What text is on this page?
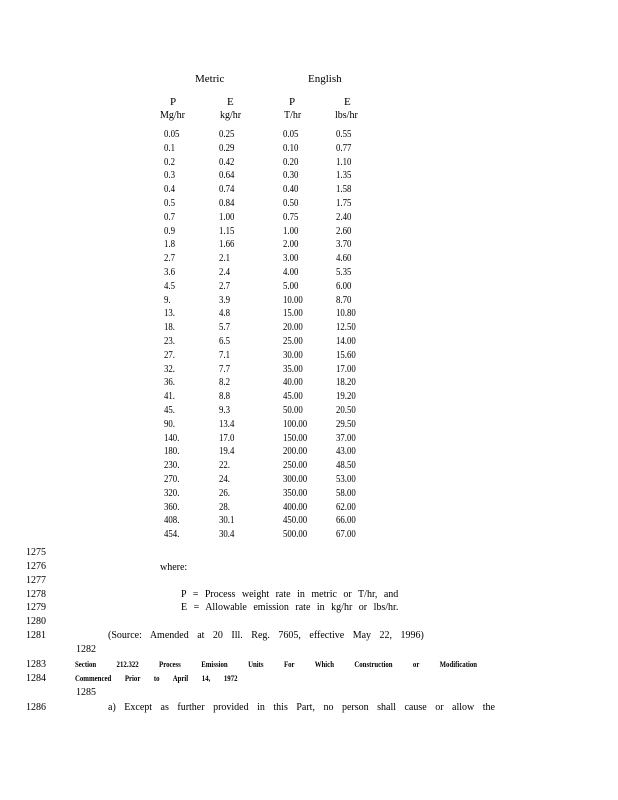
Metric	English
P	E	P	E
Mg/hr	kg/hr	T/hr	lbs/hr
0.05	0.25	0.05	0.55
0.1	0.29	0.10	0.77
0.2	0.42	0.20	1.10
0.3	0.64	0.30	1.35
0.4	0.74	0.40	1.58
0.5	0.84	0.50	1.75
0.7	1.00	0.75	2.40
0.9	1.15	1.00	2.60
1.8	1.66	2.00	3.70
2.7	2.1	3.00	4.60
3.6	2.4	4.00	5.35
4.5	2.7	5.00	6.00
9.	3.9	10.00	8.70
13.	4.8	15.00	10.80
18.	5.7	20.00	12.50
23.	6.5	25.00	14.00
27.	7.1	30.00	15.60
32.	7.7	35.00	17.00
36.	8.2	40.00	18.20
41.	8.8	45.00	19.20
45.	9.3	50.00	20.50
90.	13.4	100.00	29.50
140.	17.0	150.00	37.00
180.	19.4	200.00	43.00
230.	22.	250.00	48.50
270.	24.	300.00	53.00
320.	26.	350.00	58.00
360.	28.	400.00	62.00
408.	30.1	450.00	66.00
454.	30.4	500.00	67.00
1275
1276
1277
1278
1279
1280
1281
1282
1283
1284
1285
1286
where:
P = Process weight rate in metric or T/hr, and
E = Allowable emission rate in kg/hr or lbs/hr.
(Source: Amended at 20 Ill. Reg. 7605, effective May 22, 1996)
Section 212.322 Process Emission Units For Which Construction or Modification
Commenced Prior to April 14, 1972
a) Except as further provided in this Part, no person shall cause or allow the
